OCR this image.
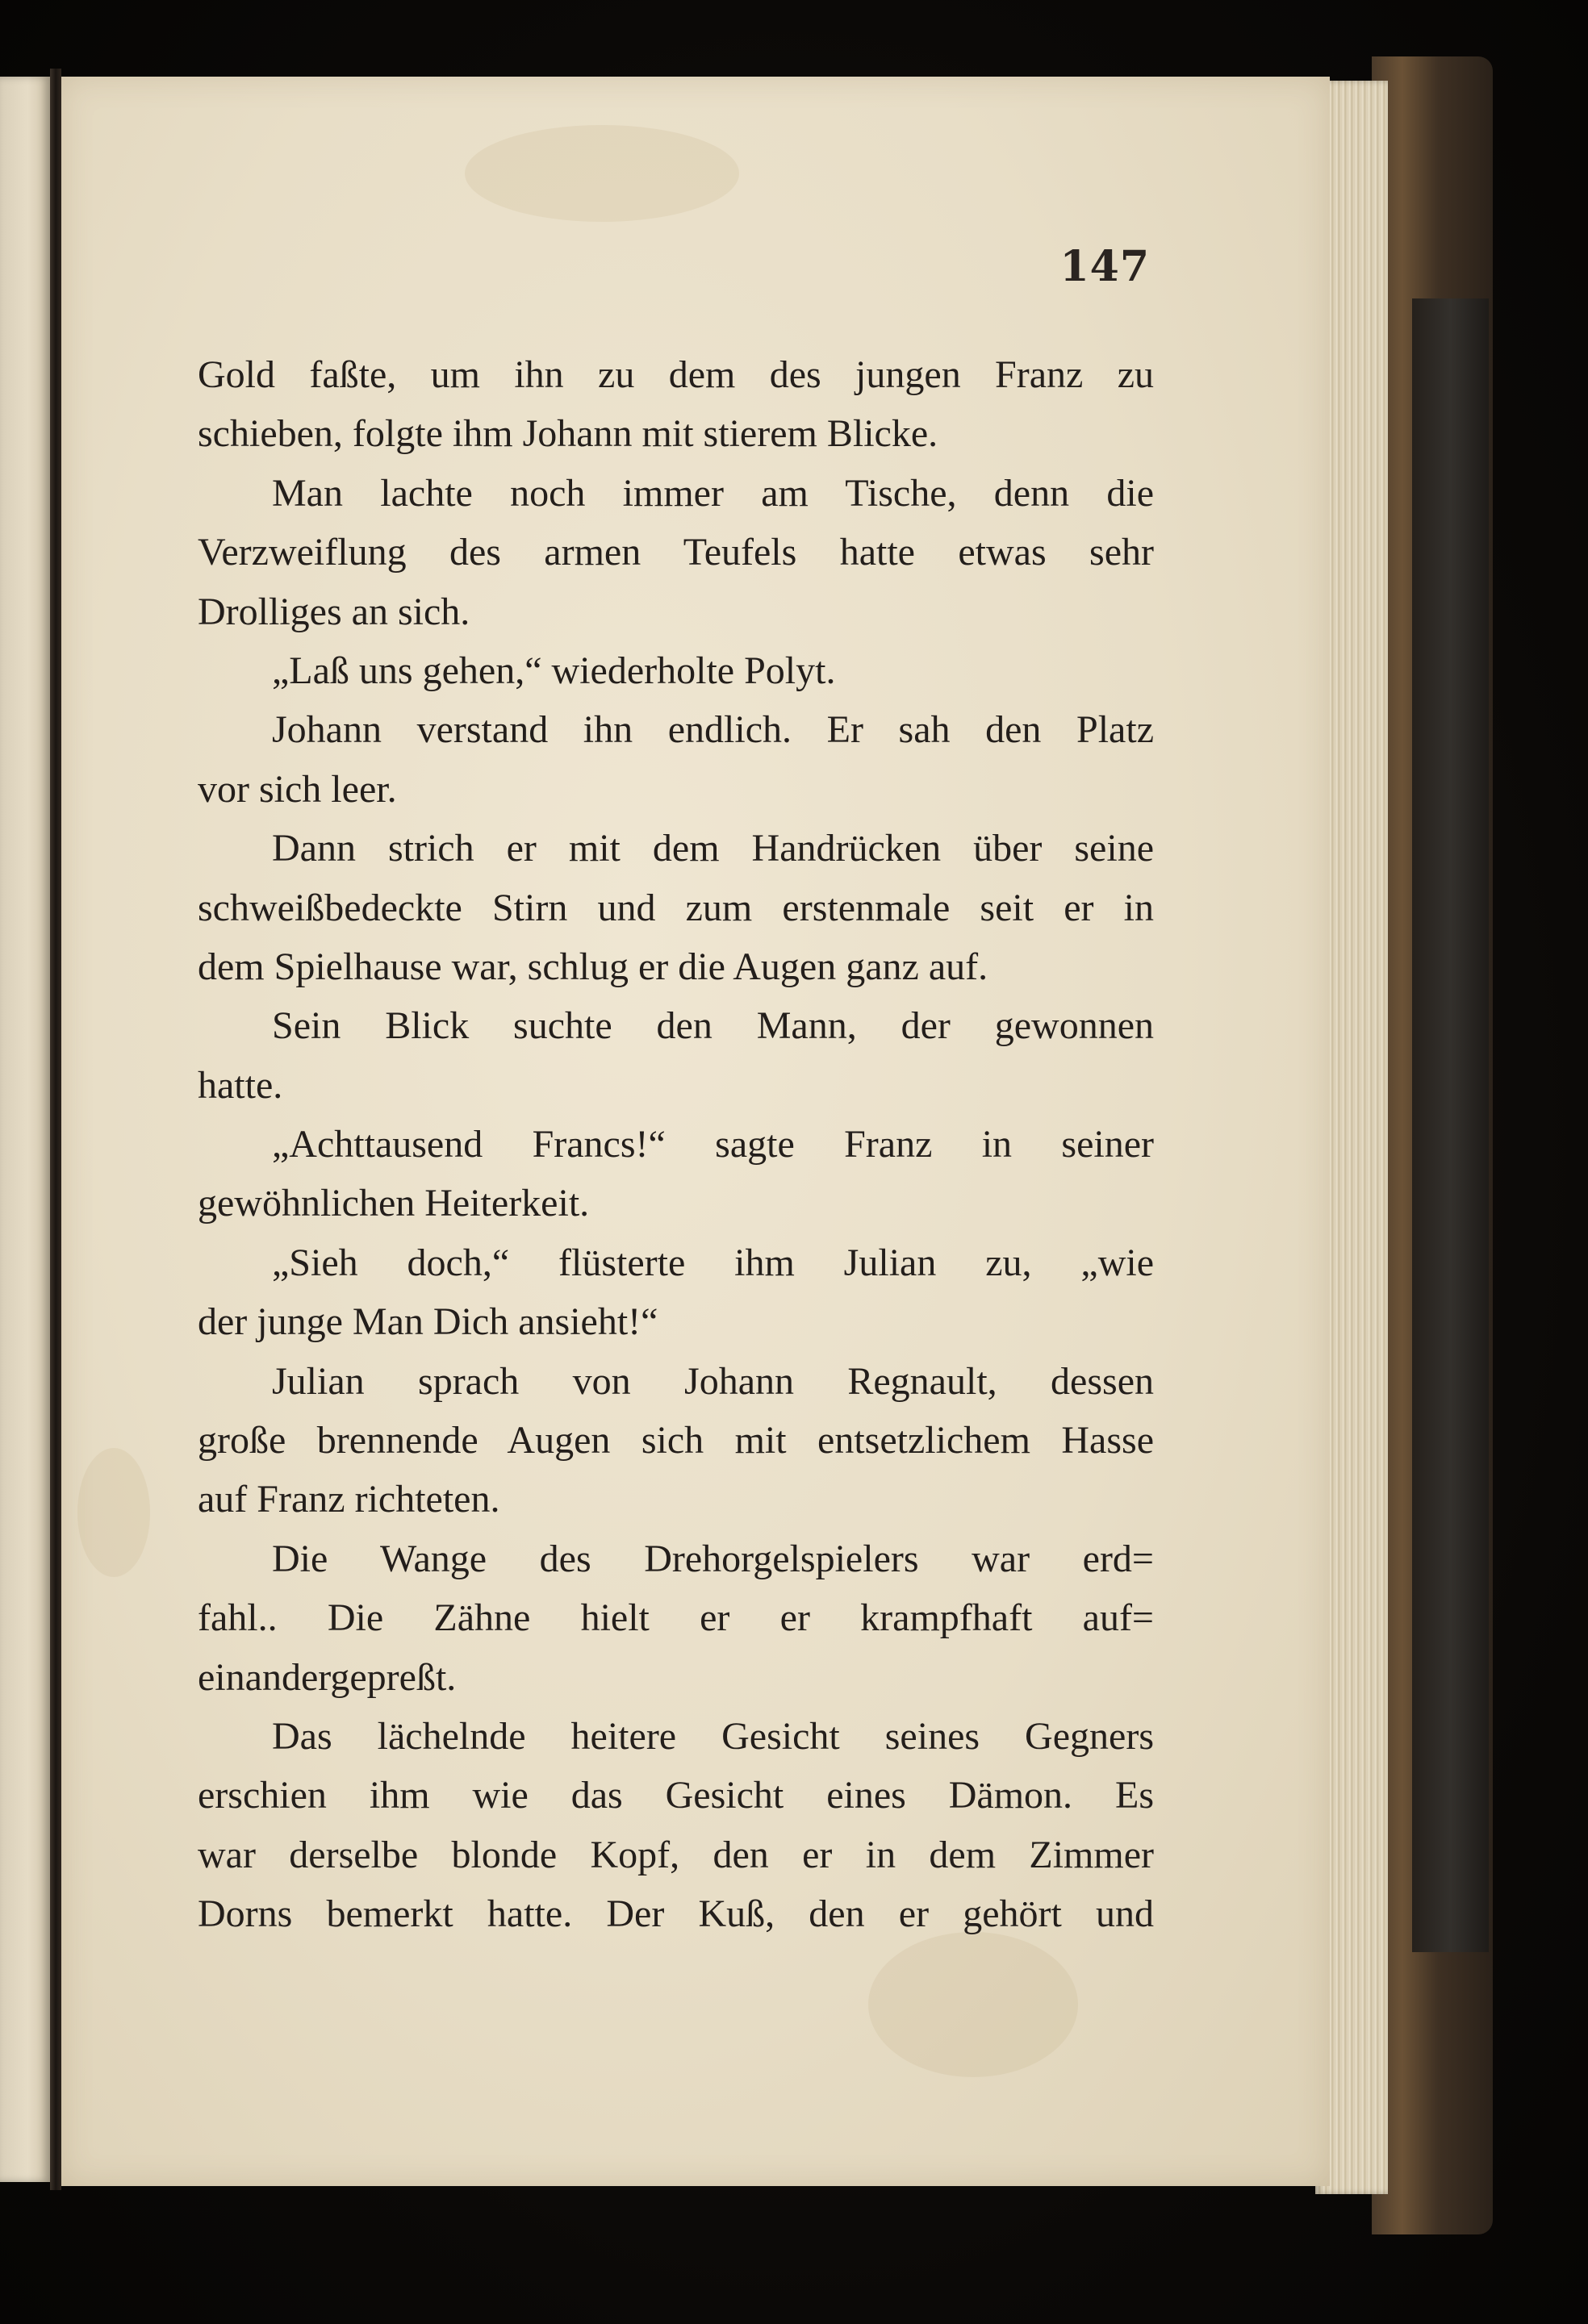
147
Gold faßte, um ihn zu dem des jungen Franz zu
schieben, folgte ihm Johann mit stierem Blicke.
Man lachte noch immer am Tische, denn die
Verzweiflung des armen Teufels hatte etwas sehr
Drolliges an sich.
„Laß uns gehen,“ wiederholte Polyt.
Johann verstand ihn endlich. Er sah den Platz
vor sich leer.
Dann strich er mit dem Handrücken über seine
schweißbedeckte Stirn und zum erstenmale seit er in
dem Spielhause war, schlug er die Augen ganz auf.
Sein Blick suchte den Mann, der gewonnen
hatte.
„Achttausend Francs!“ sagte Franz in seiner
gewöhnlichen Heiterkeit.
„Sieh doch,“ flüsterte ihm Julian zu, „wie
der junge Man Dich ansieht!“
Julian sprach von Johann Regnault, dessen
große brennende Augen sich mit entsetzlichem Hasse
auf Franz richteten.
Die Wange des Drehorgelspielers war erd=
fahl.. Die Zähne hielt er er krampfhaft auf=
einandergepreßt.
Das lächelnde heitere Gesicht seines Gegners
erschien ihm wie das Gesicht eines Dämon. Es
war derselbe blonde Kopf, den er in dem Zimmer
Dorns bemerkt hatte. Der Kuß, den er gehört und
